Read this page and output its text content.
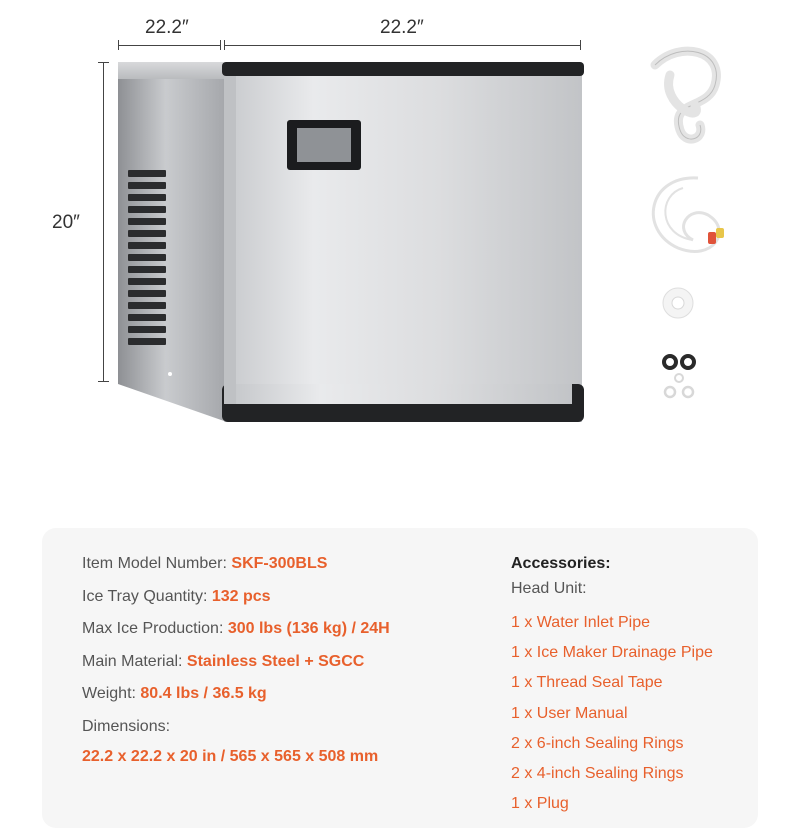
22.2″	22.2″
20″
Item Model Number: SKF-300BLS
Ice Tray Quantity: 132 pcs
Max Ice Production: 300 lbs (136 kg) / 24H
Main Material: Stainless Steel + SGCC
Weight: 80.4 lbs / 36.5 kg
Dimensions:
22.2 x 22.2 x 20 in / 565 x 565 x 508 mm
Accessories:
Head Unit:
1 x Water Inlet Pipe
1 x Ice Maker Drainage Pipe
1 x Thread Seal Tape
1 x User Manual
2 x 6-inch Sealing Rings
2 x 4-inch Sealing Rings
1 x Plug
